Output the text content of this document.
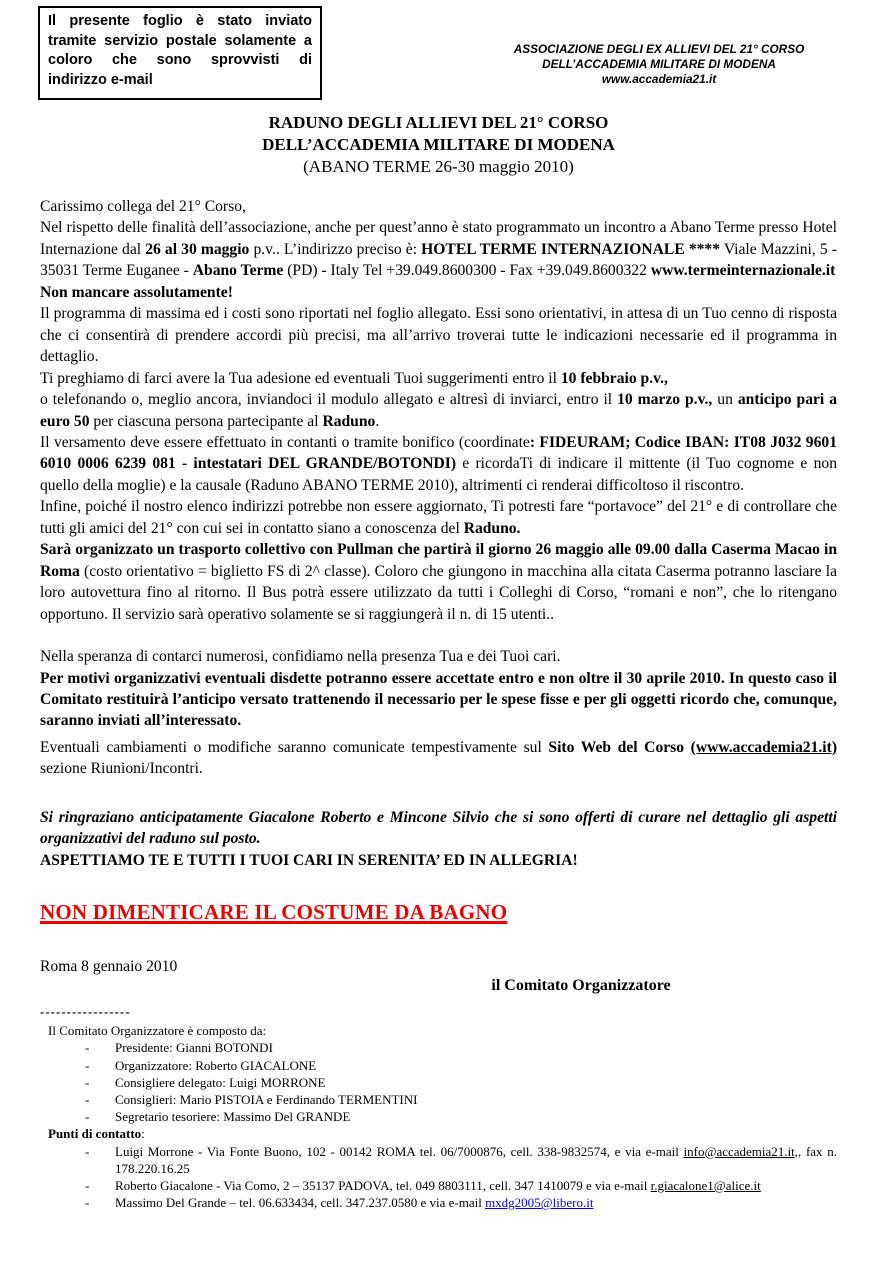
Il presente foglio è stato inviato tramite servizio postale solamente a coloro che sono sprovvisti di indirizzo e-mail
ASSOCIAZIONE DEGLI EX ALLIEVI DEL 21° CORSO
DELL’ACCADEMIA MILITARE DI MODENA
www.accademia21.it
RADUNO DEGLI ALLIEVI DEL 21° CORSO
DELL’ACCADEMIA MILITARE DI MODENA
(ABANO TERME 26-30 maggio 2010)

Carissimo collega del 21° Corso,

Nel rispetto delle finalità dell’associazione, anche per quest’anno è stato programmato un incontro a Abano Terme presso Hotel Internazione dal 26 al 30 maggio p.v.. L’indirizzo preciso è: HOTEL TERME INTERNAZIONALE **** Viale Mazzini, 5 - 35031 Terme Euganee - Abano Terme (PD) - Italy Tel +39.049.8600300 - Fax +39.049.8600322 www.termeinternazionale.it

Non mancare assolutamente!

Il programma di massima ed i costi sono riportati nel foglio allegato. Essi sono orientativi, in attesa di un Tuo cenno di risposta che ci consentirà di prendere accordi più precisi, ma all’arrivo troverai tutte le indicazioni necessarie ed il programma in dettaglio.

Ti preghiamo di farci avere la Tua adesione ed eventuali Tuoi suggerimenti entro il 10 febbraio p.v.,

o telefonando o, meglio ancora, inviandoci il modulo allegato e altresì di inviarci, entro il 10 marzo p.v., un anticipo pari a euro 50 per ciascuna persona partecipante al Raduno.

Il versamento deve essere effettuato in contanti o tramite bonifico (coordinate: FIDEURAM; Codice IBAN: IT08 J032 9601 6010 0006 6239 081 - intestatari DEL GRANDE/BOTONDI) e ricordaTi di indicare il mittente (il Tuo cognome e non quello della moglie) e la causale (Raduno ABANO TERME 2010), altrimenti ci renderai difficoltoso il riscontro.

Infine, poiché il nostro elenco indirizzi potrebbe non essere aggiornato, Ti potresti fare “portavoce” del 21° e di controllare che tutti gli amici del 21° con cui sei in contatto siano a conoscenza del Raduno.

Sarà organizzato un trasporto collettivo con Pullman che partirà il giorno 26 maggio alle 09.00 dalla Caserma Macao in Roma (costo orientativo = biglietto FS di 2^ classe). Coloro che giungono in macchina alla citata Caserma potranno lasciare la loro autovettura fino al ritorno. Il Bus potrà essere utilizzato da tutti i Colleghi di Corso, “romani e non”, che lo ritengano opportuno. Il servizio sarà operativo solamente se si raggiungerà il n. di 15 utenti..

Nella speranza di contarci numerosi, confidiamo nella presenza Tua e dei Tuoi cari.

Per motivi organizzativi eventuali disdette potranno essere accettate entro e non oltre il 30 aprile 2010. In questo caso il Comitato restituirà l’anticipo versato trattenendo il necessario per le spese fisse e per gli oggetti ricordo che, comunque, saranno inviati all’interessato.

Eventuali cambiamenti o modifiche saranno comunicate tempestivamente sul Sito Web del Corso (www.accademia21.it) sezione Riunioni/Incontri.

Si ringraziano anticipatamente Giacalone Roberto e Mincone Silvio che si sono offerti di curare nel dettaglio gli aspetti organizzativi del raduno sul posto.

ASPETTIAMO TE E TUTTI I TUOI CARI IN SERENITA’ ED IN ALLEGRIA!

NON DIMENTICARE IL COSTUME DA BAGNO
Roma 8 gennaio 2010
il Comitato Organizzatore
-----------------
Il Comitato Organizzatore è composto da:
- Presidente: Gianni BOTONDI
- Organizzatore: Roberto GIACALONE
- Consigliere delegato: Luigi MORRONE
- Consiglieri: Mario PISTOIA e Ferdinando TERMENTINI
- Segretario tesoriere: Massimo Del GRANDE
Punti di contatto:
- Luigi Morrone - Via Fonte Buono, 102 - 00142 ROMA tel. 06/7000876, cell. 338-9832574, e via e-mail info@accademia21.it,, fax n. 178.220.16.25
- Roberto Giacalone - Via Como, 2 – 35137 PADOVA, tel. 049 8803111, cell. 347 1410079 e via e-mail r.giacalone1@alice.it
- Massimo Del Grande – tel. 06.633434, cell. 347.237.0580 e via e-mail mxdg2005@libero.it
